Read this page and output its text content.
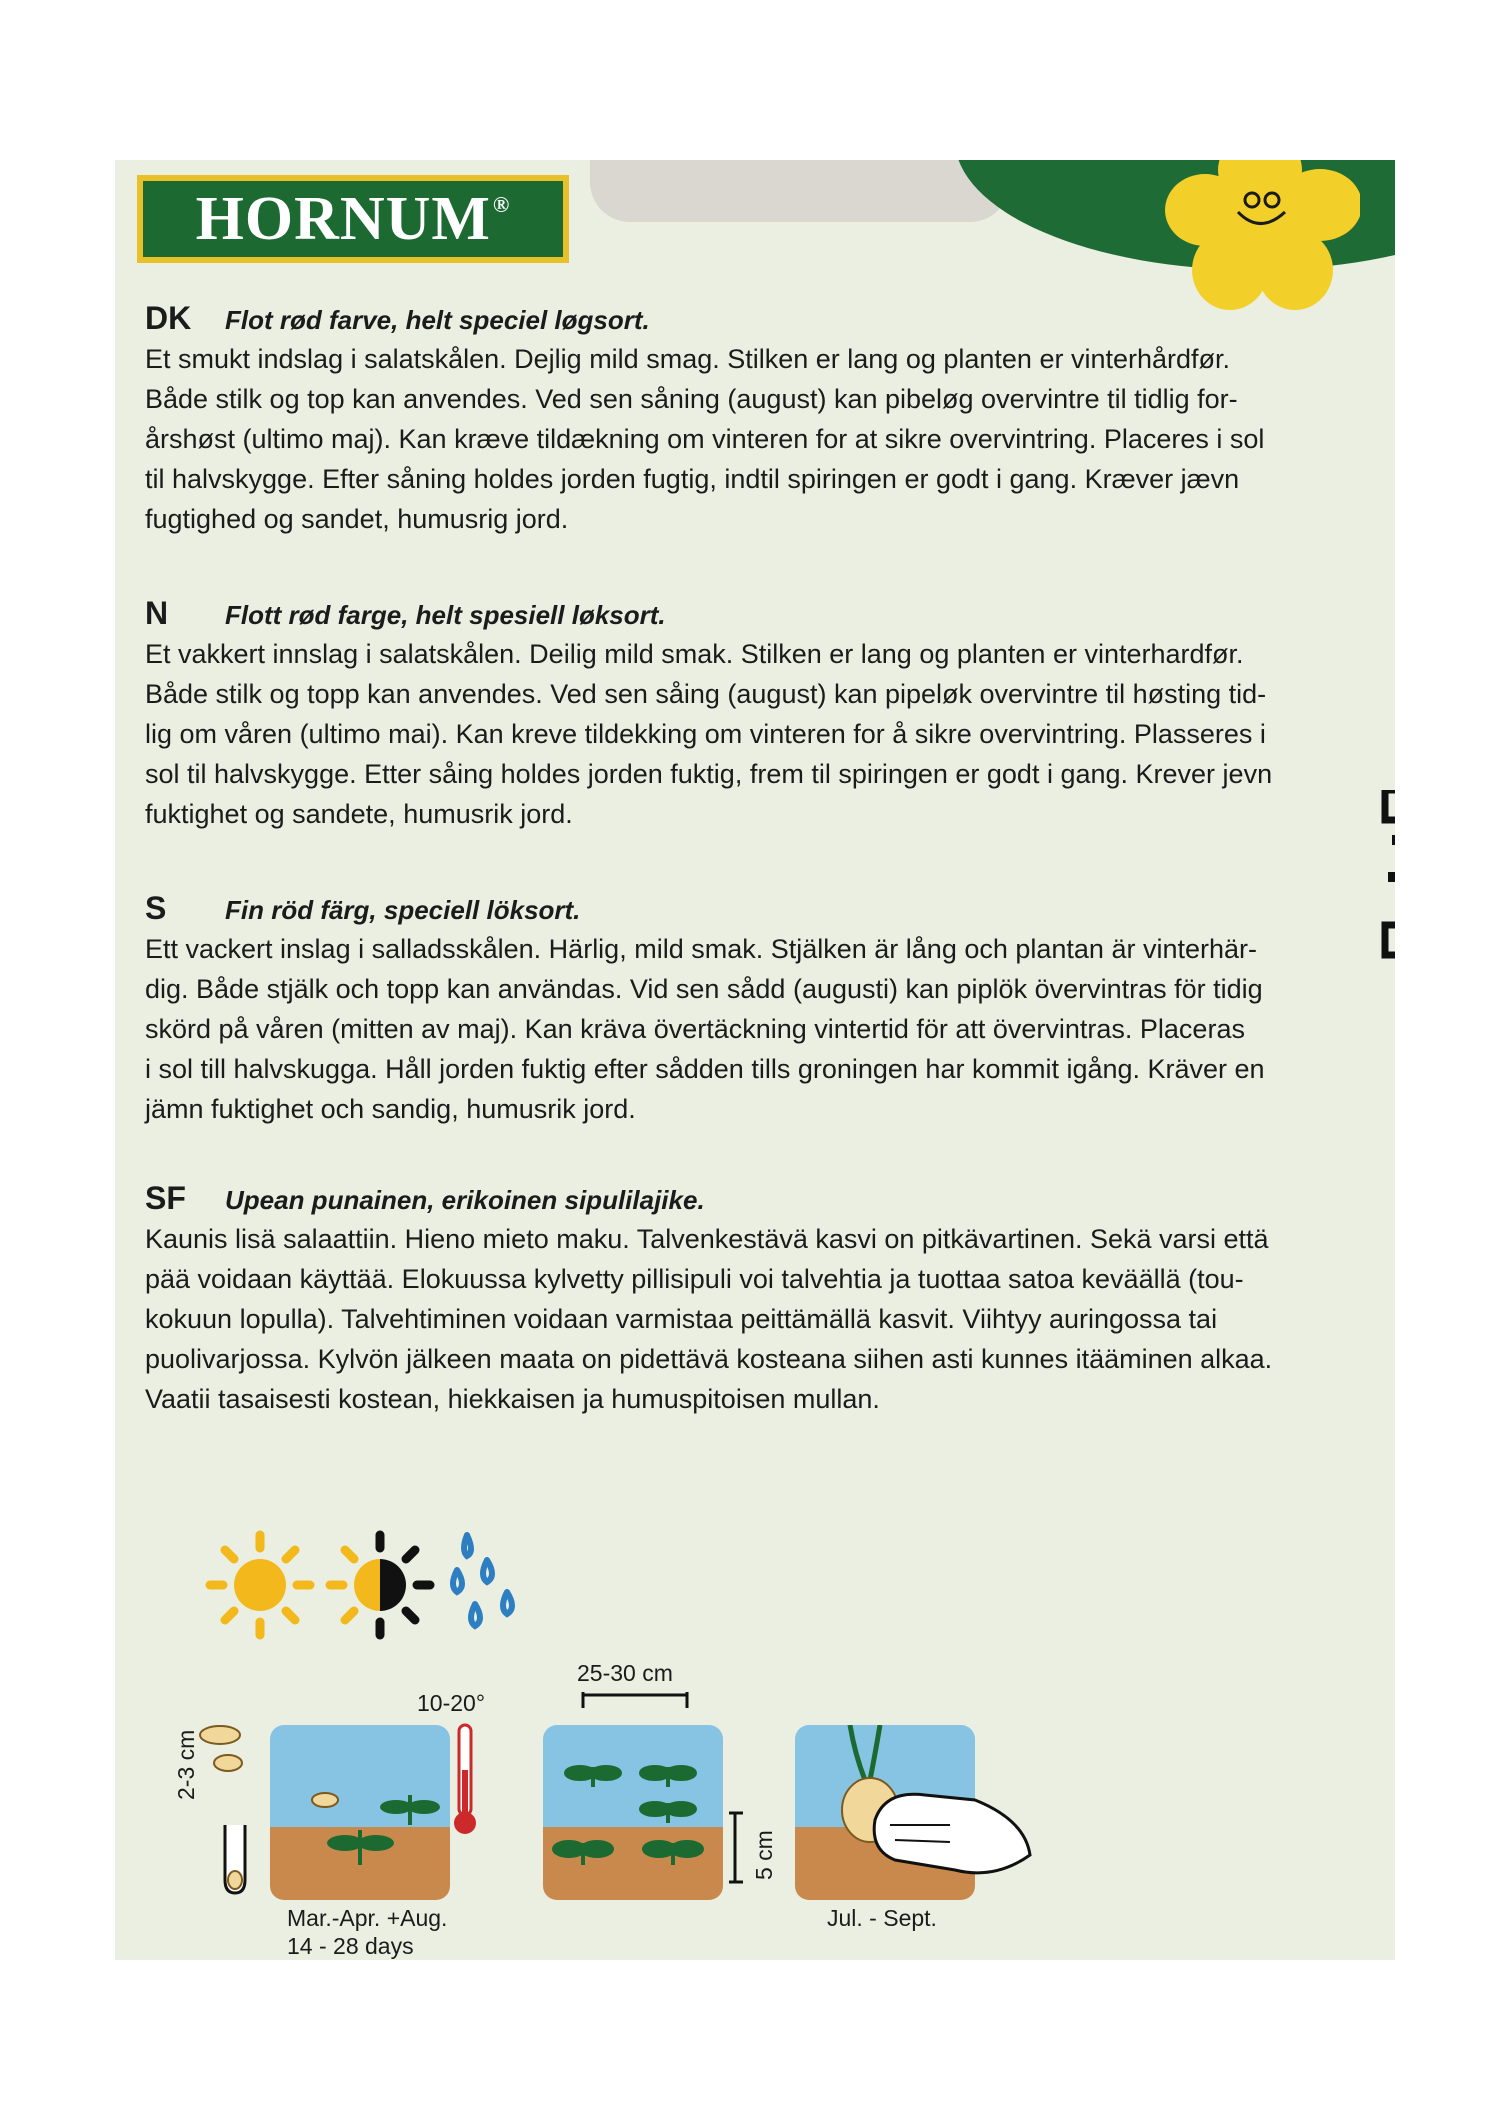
HORNUM®
DK	Flot rød farve, helt speciel løgsort.
Et smukt indslag i salatskålen. Dejlig mild smag. Stilken er lang og planten er vinterhårdfør.
Både stilk og top kan anvendes. Ved sen såning (august) kan pibeløg overvintre til tidlig for-
årshøst (ultimo maj). Kan kræve tildækning om vinteren for at sikre overvintring. Placeres i sol
til halvskygge. Efter såning holdes jorden fugtig, indtil spiringen er godt i gang. Kræver jævn
fugtighed og sandet, humusrig jord.
N	Flott rød farge, helt spesiell løksort.
Et vakkert innslag i salatskålen. Deilig mild smak. Stilken er lang og planten er vinterhardfør.
Både stilk og topp kan anvendes. Ved sen såing (august) kan pipeløk overvintre til høsting tid-
lig om våren (ultimo mai). Kan kreve tildekking om vinteren for å sikre overvintring. Plasseres i
sol til halvskygge. Etter såing holdes jorden fuktig, frem til spiringen er godt i gang. Krever jevn
fuktighet og sandete, humusrik jord.
S	Fin röd färg, speciell löksort.
Ett vackert inslag i salladsskålen. Härlig, mild smak. Stjälken är lång och plantan är vinterhär-
dig. Både stjälk och topp kan användas. Vid sen sådd (augusti) kan piplök övervintras för tidig
skörd på våren (mitten av maj). Kan kräva övertäckning vintertid för att övervintras. Placeras
i sol till halvskugga. Håll jorden fuktig efter sådden tills groningen har kommit igång. Kräver en
jämn fuktighet och sandig, humusrik jord.
SF	Upean punainen, erikoinen sipulilajike.
Kaunis lisä salaattiin. Hieno mieto maku. Talvenkestävä kasvi on pitkävartinen. Sekä varsi että
pää voidaan käyttää. Elokuussa kylvetty pillisipuli voi talvehtia ja tuottaa satoa keväällä (tou-
kokuun lopulla). Talvehtiminen voidaan varmistaa peittämällä kasvit. Viihtyy auringossa tai
puolivarjossa. Kylvön jälkeen maata on pidettävä kosteana siihen asti kunnes itääminen alkaa.
Vaatii tasaisesti kostean, hiekkaisen ja humuspitoisen mullan.
2-3 cm
10-20°
Mar.-Apr. +Aug.
14 - 28 days
25-30 cm
5 cm
Jul. - Sept.
